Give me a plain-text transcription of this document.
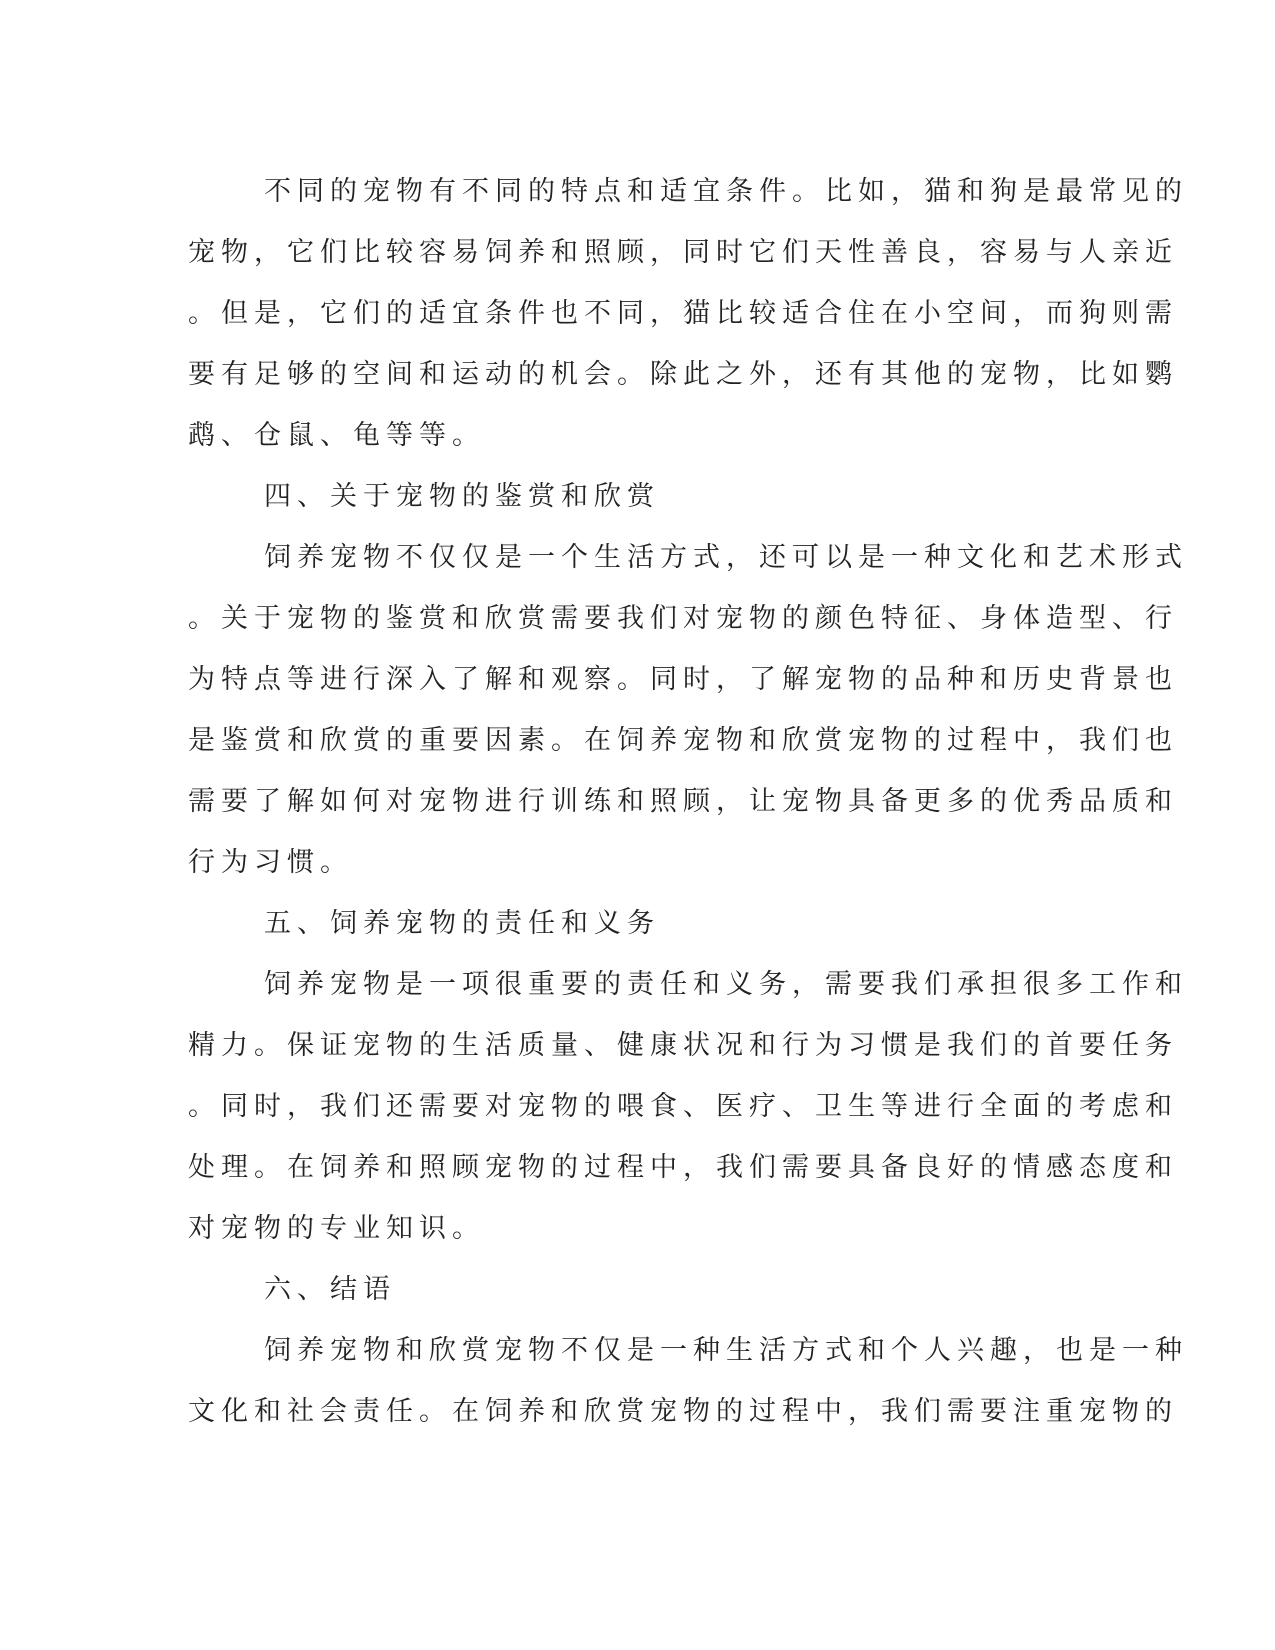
不同的宠物有不同的特点和适宜条件。比如，猫和狗是最常见的
宠物，它们比较容易饲养和照顾，同时它们天性善良，容易与人亲近
。但是，它们的适宜条件也不同，猫比较适合住在小空间，而狗则需
要有足够的空间和运动的机会。除此之外，还有其他的宠物，比如鹦
鹉、仓鼠、龟等等。
四、关于宠物的鉴赏和欣赏
饲养宠物不仅仅是一个生活方式，还可以是一种文化和艺术形式
。关于宠物的鉴赏和欣赏需要我们对宠物的颜色特征、身体造型、行
为特点等进行深入了解和观察。同时，了解宠物的品种和历史背景也
是鉴赏和欣赏的重要因素。在饲养宠物和欣赏宠物的过程中，我们也
需要了解如何对宠物进行训练和照顾，让宠物具备更多的优秀品质和
行为习惯。
五、饲养宠物的责任和义务
饲养宠物是一项很重要的责任和义务，需要我们承担很多工作和
精力。保证宠物的生活质量、健康状况和行为习惯是我们的首要任务
。同时，我们还需要对宠物的喂食、医疗、卫生等进行全面的考虑和
处理。在饲养和照顾宠物的过程中，我们需要具备良好的情感态度和
对宠物的专业知识。
六、结语
饲养宠物和欣赏宠物不仅是一种生活方式和个人兴趣，也是一种
文化和社会责任。在饲养和欣赏宠物的过程中，我们需要注重宠物的
